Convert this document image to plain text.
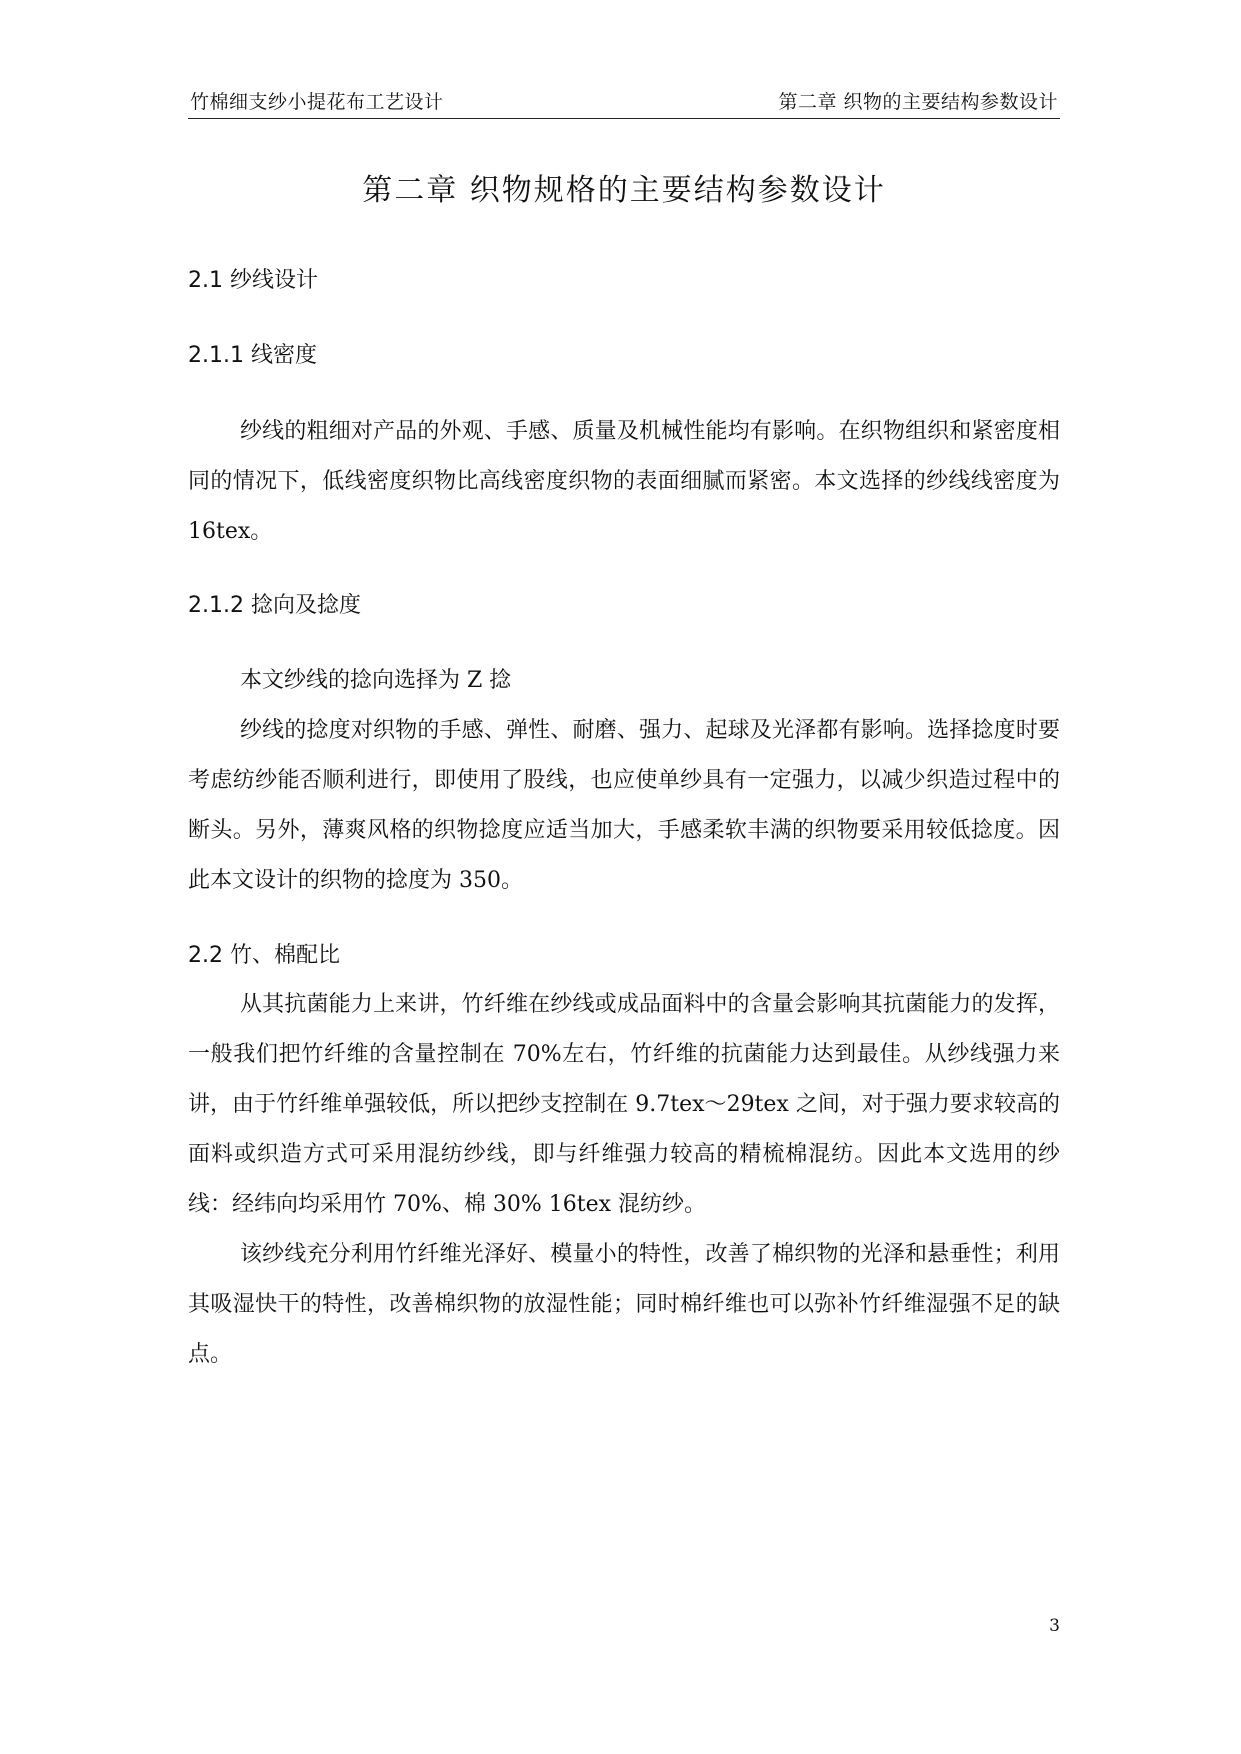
竹棉细支纱小提花布工艺设计	第二章 织物的主要结构参数设计
第二章 织物规格的主要结构参数设计
2.1 纱线设计
2.1.1 线密度

纱线的粗细对产品的外观、手感、质量及机械性能均有影响。在织物组织和紧密度相同的情况下，低线密度织物比高线密度织物的表面细腻而紧密。本文选择的纱线线密度为 16tex。

2.1.2 捻向及捻度

本文纱线的捻向选择为 Z 捻

纱线的捻度对织物的手感、弹性、耐磨、强力、起球及光泽都有影响。选择捻度时要考虑纺纱能否顺利进行，即使用了股线，也应使单纱具有一定强力，以减少织造过程中的断头。另外，薄爽风格的织物捻度应适当加大，手感柔软丰满的织物要采用较低捻度。因此本文设计的织物的捻度为 350。

2.2 竹、棉配比

从其抗菌能力上来讲，竹纤维在纱线或成品面料中的含量会影响其抗菌能力的发挥，一般我们把竹纤维的含量控制在 70%左右，竹纤维的抗菌能力达到最佳。从纱线强力来讲，由于竹纤维单强较低，所以把纱支控制在 9.7tex～29tex 之间，对于强力要求较高的面料或织造方式可采用混纺纱线，即与纤维强力较高的精梳棉混纺。因此本文选用的纱线：经纬向均采用竹 70%、棉 30% 16tex 混纺纱。

该纱线充分利用竹纤维光泽好、模量小的特性，改善了棉织物的光泽和悬垂性；利用其吸湿快干的特性，改善棉织物的放湿性能；同时棉纤维也可以弥补竹纤维湿强不足的缺点。

3
